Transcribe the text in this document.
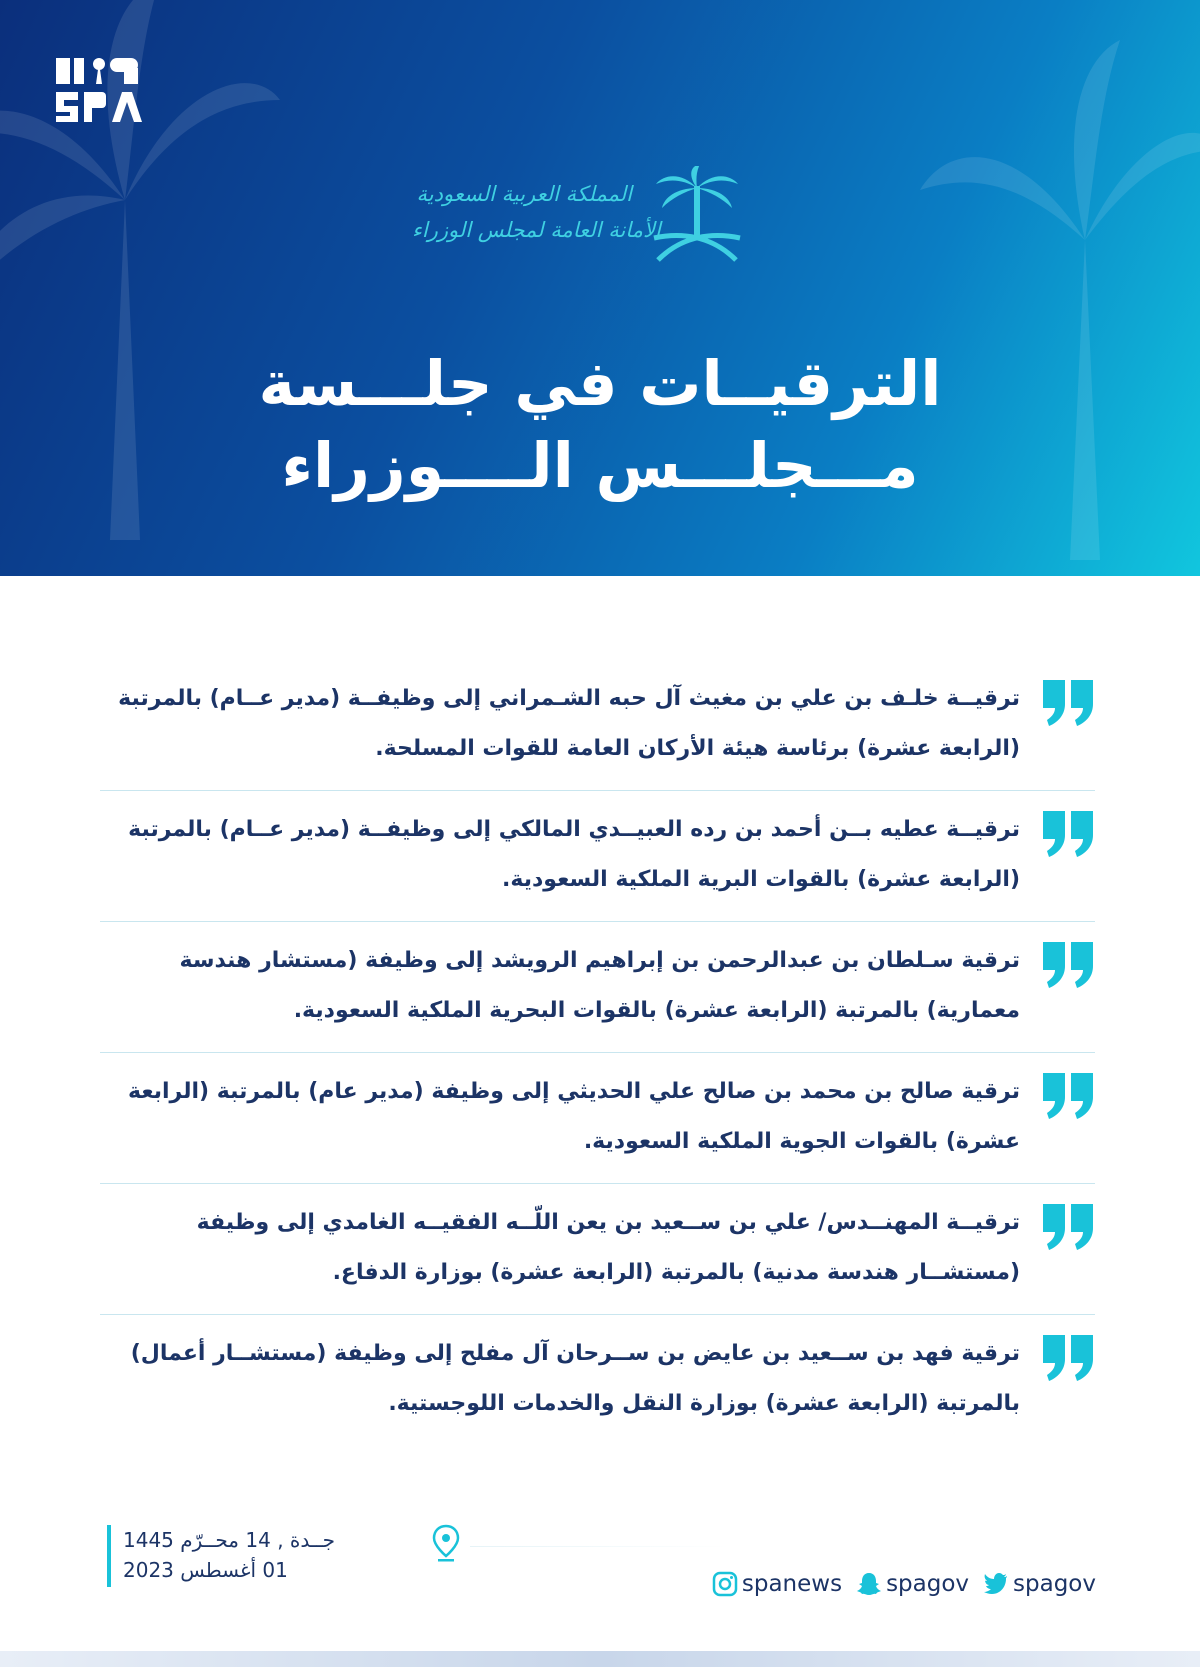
المملكة العربية السعودية
الأمانة العامة لمجلس الوزراء
الترقيــات في جلـــسة
مـــجلـــس الــــوزراء
ترقيــة خلـف بن علي بن مغيث آل حبه الشـمراني إلى وظيفــة (مدير عــام) بالمرتبة (الرابعة عشرة) برئاسة هيئة الأركان العامة للقوات المسلحة.
ترقيــة عطيه بــن أحمد بن رده العبيــدي المالكي إلى وظيفــة (مدير عــام) بالمرتبة (الرابعة عشرة) بالقوات البرية الملكية السعودية.
ترقية سـلطان بن عبدالرحمن بن إبراهيم الرويشد إلى وظيفة (مستشار هندسة معمارية) بالمرتبة (الرابعة عشرة) بالقوات البحرية الملكية السعودية.
ترقية صالح بن محمد بن صالح علي الحديثي إلى وظيفة (مدير عام) بالمرتبة (الرابعة عشرة) بالقوات الجوية الملكية السعودية.
ترقيــة المهنــدس/ علي بن ســعيد بن يعن اللّــه الفقيــه الغامدي إلى وظيفة (مستشــار هندسة مدنية) بالمرتبة (الرابعة عشرة) بوزارة الدفاع.
ترقية فهد بن ســعيد بن عايض بن ســرحان آل مفلح إلى وظيفة (مستشــار أعمال) بالمرتبة (الرابعة عشرة) بوزارة النقل والخدمات اللوجستية.
جــدة , 14 محــرّم 1445
01 أغسطس 2023
spanews spagov spagov
